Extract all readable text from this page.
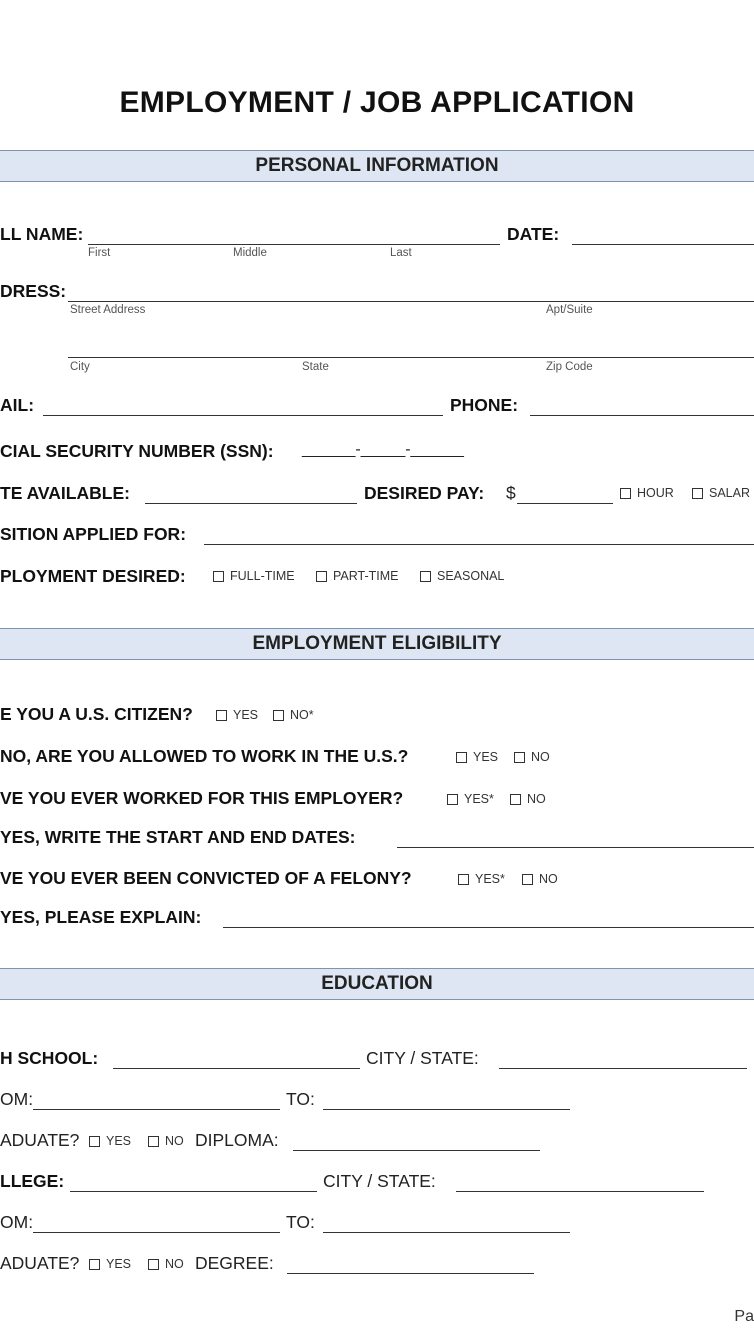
EMPLOYMENT / JOB APPLICATION
PERSONAL INFORMATION
LL NAME:
First	Middle	Last
DATE:
DRESS:
Street Address	Apt/Suite
City	State	Zip Code
AIL:	PHONE:
CIAL SECURITY NUMBER (SSN): ______-_____-______
TE AVAILABLE:	DESIRED PAY: $	HOUR	SALAR
SITION APPLIED FOR:
PLOYMENT DESIRED:	FULL-TIME	PART-TIME	SEASONAL
EMPLOYMENT ELIGIBILITY
E YOU A U.S. CITIZEN?	YES	NO*
NO, ARE YOU ALLOWED TO WORK IN THE U.S.?	YES	NO
VE YOU EVER WORKED FOR THIS EMPLOYER?	YES*	NO
YES, WRITE THE START AND END DATES:
VE YOU EVER BEEN CONVICTED OF A FELONY?	YES*	NO
YES, PLEASE EXPLAIN:
EDUCATION
H SCHOOL:	CITY / STATE:
OM:	TO:
ADUATE? YES	NO DIPLOMA:
LLEGE:	CITY / STATE:
OM:	TO:
ADUATE? YES	NO DEGREE:
Pa
